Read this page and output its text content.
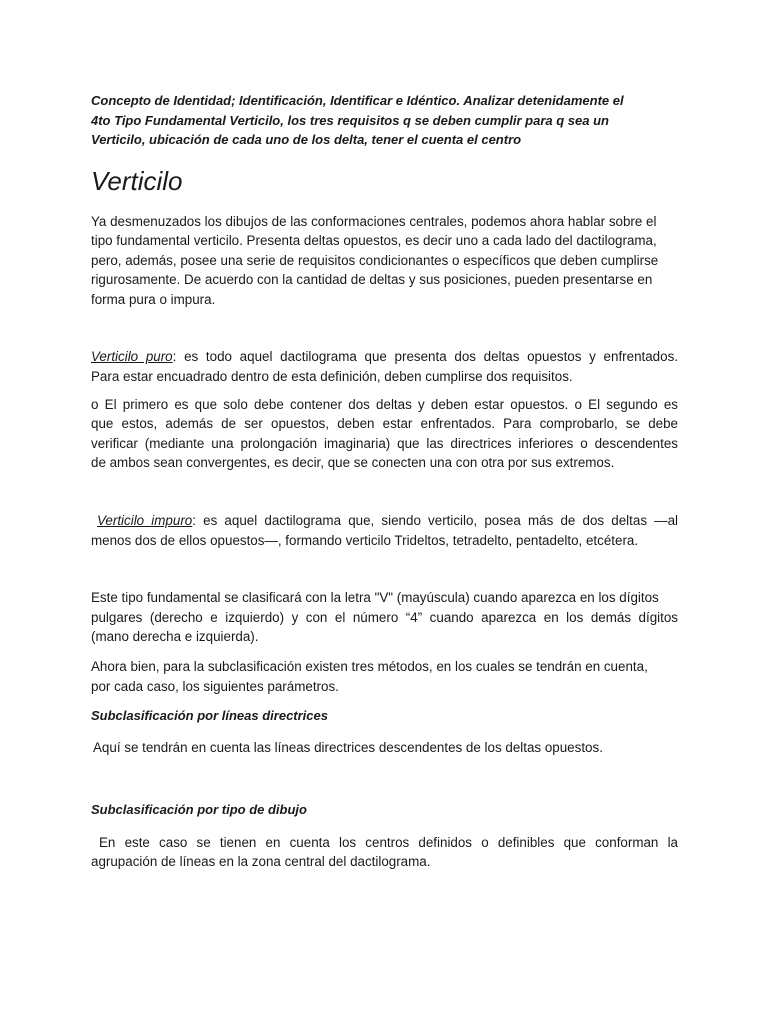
Concepto de Identidad; Identificación, Identificar e Idéntico. Analizar detenidamente el

4to Tipo Fundamental Verticilo, los tres requisitos q se deben cumplir para q sea un

Verticilo, ubicación de cada uno de los delta, tener el cuenta el centro

Verticilo

Ya desmenuzados los dibujos de las conformaciones centrales, podemos ahora hablar sobre el
tipo fundamental verticilo. Presenta deltas opuestos, es decir uno a cada lado del dactilograma,
pero, además, posee una serie de requisitos condicionantes o específicos que deben cumplirse
rigurosamente. De acuerdo con la cantidad de deltas y sus posiciones, pueden presentarse en
forma pura o impura.

Verticilo puro: es todo aquel dactilograma que presenta dos deltas opuestos y enfrentados.
Para estar encuadrado dentro de esta definición, deben cumplirse dos requisitos.

o El primero es que solo debe contener dos deltas y deben estar opuestos. o El segundo es
que estos, además de ser opuestos, deben estar enfrentados. Para comprobarlo, se debe
verificar (mediante una prolongación imaginaria) que las directrices inferiores o descendentes
de ambos sean convergentes, es decir, que se conecten una con otra por sus extremos.

Verticilo impuro: es aquel dactilograma que, siendo verticilo, posea más de dos deltas —al
menos dos de ellos opuestos—, formando verticilo Trideltos, tetradelto, pentadelto, etcétera.

Este tipo fundamental se clasificará con la letra "V" (mayúscula) cuando aparezca en los dígitos
pulgares (derecho e izquierdo) y con el número “4” cuando aparezca en los demás dígitos
(mano derecha e izquierda).

Ahora bien, para la subclasificación existen tres métodos, en los cuales se tendrán en cuenta,
por cada caso, los siguientes parámetros.

Subclasificación por líneas directrices

Aquí se tendrán en cuenta las líneas directrices descendentes de los deltas opuestos.

Subclasificación por tipo de dibujo

En este caso se tienen en cuenta los centros definidos o definibles que conforman la
agrupación de líneas en la zona central del dactilograma.
